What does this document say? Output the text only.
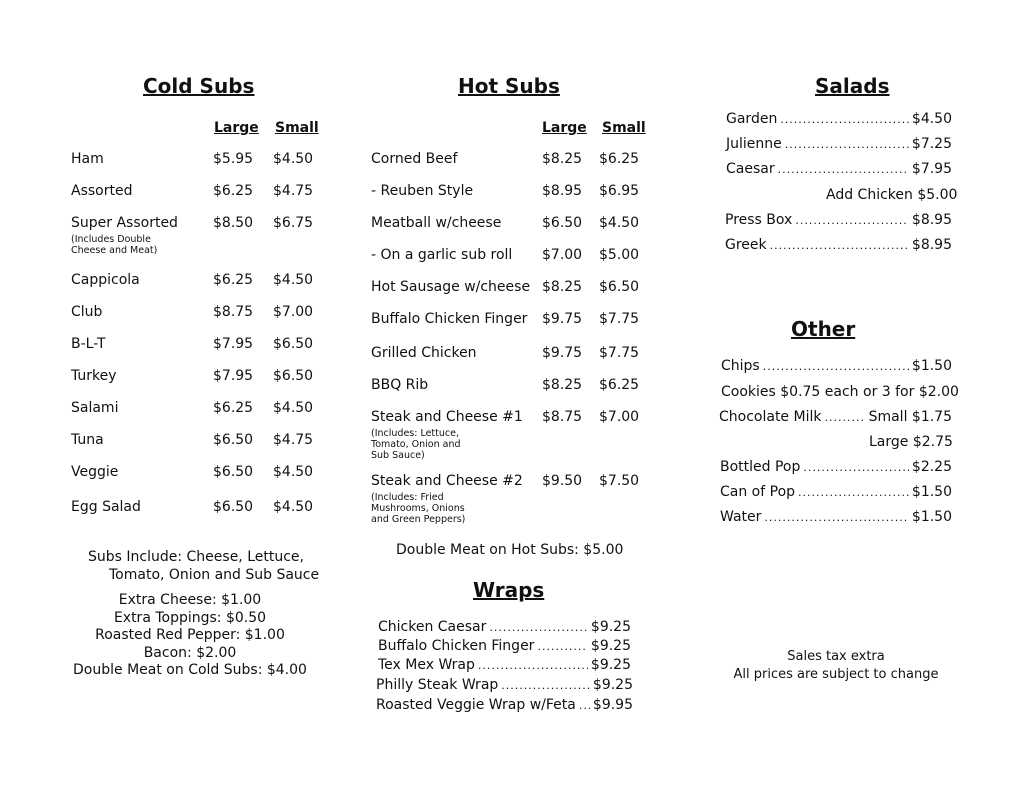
Cold Subs
Large Small
Ham	$5.95 $4.50
Assorted	$6.25 $4.75
Super Assorted	$8.50 $6.75
(Includes Double Cheese and Meat)
Cappicola	$6.25 $4.50
Club	$8.75 $7.00
B-L-T	$7.95 $6.50
Turkey	$7.95 $6.50
Salami	$6.25 $4.50
Tuna	$6.50 $4.75
Veggie	$6.50 $4.50
Egg Salad	$6.50 $4.50
Subs Include: Cheese, Lettuce,
Tomato, Onion and Sub Sauce
Extra Cheese: $1.00
Extra Toppings: $0.50
Roasted Red Pepper: $1.00
Bacon: $2.00
Double Meat on Cold Subs: $4.00
Hot Subs
Large Small
Corned Beef	$8.25 $6.25
- Reuben Style	$8.95 $6.95
Meatball w/cheese	$6.50 $4.50
- On a garlic sub roll $7.00 $5.00
Hot Sausage w/cheese $8.25 $6.50
Buffalo Chicken Finger $9.75 $7.75
Grilled Chicken	$9.75 $7.75
BBQ Rib	$8.25 $6.25
Steak and Cheese #1 $8.75 $7.00
(Includes: Lettuce, Tomato, Onion and Sub Sauce)
Steak and Cheese #2 $9.50 $7.50
(Includes: Fried Mushrooms, Onions and Green Peppers)
Double Meat on Hot Subs: $5.00
Wraps
Chicken Caesar .....	$9.25
Buffalo Chicken Finger .....	$9.25
Tex Mex Wrap .....	$9.25
Philly Steak Wrap .....	$9.25
Roasted Veggie Wrap w/Feta ..... $9.95
Salads
Garden .....	$4.50
Julienne .....	$7.25
Caesar .....	$7.95
Add Chicken $5.00
Press Box .....	$8.95
Greek .....	$8.95
Other
Chips .....	$1.50
Cookies $0.75 each or 3 for $2.00
Chocolate Milk .....	Small $1.75
Large $2.75
Bottled Pop .....	$2.25
Can of Pop .....	$1.50
Water .....	$1.50
Sales tax extra
All prices are subject to change
